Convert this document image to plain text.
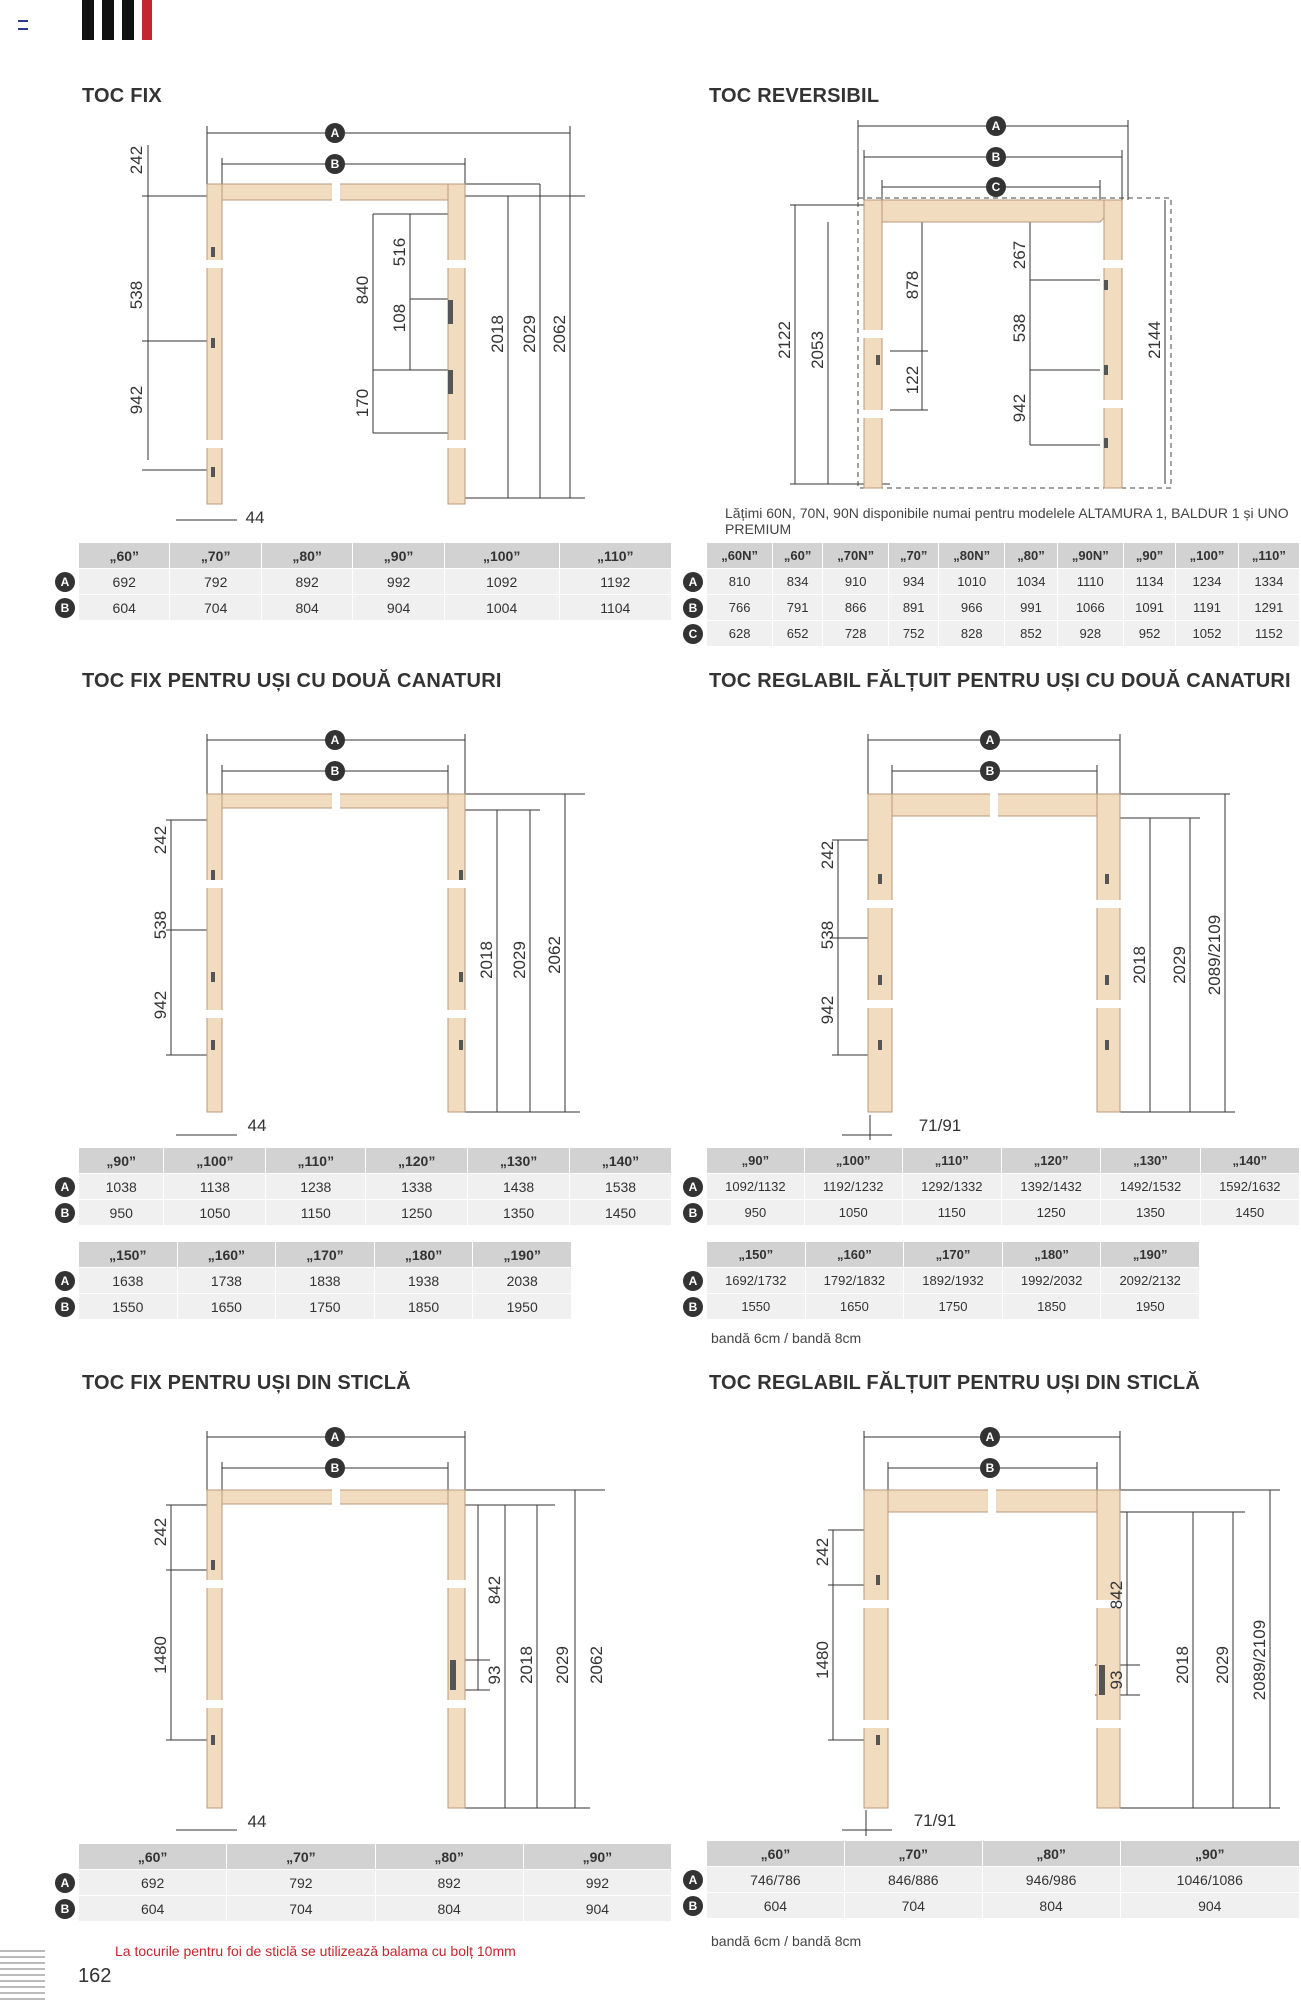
TOC FIX	TOC REVERSIBIL
TOC FIX PENTRU UȘI CU DOUĂ CANATURI	TOC REGLABIL FĂLȚUIT PENTRU UȘI CU DOUĂ CANATURI
TOC FIX PENTRU UȘI DIN STICLĂ	TOC REGLABIL FĂLȚUIT PENTRU UȘI DIN STICLĂ
242
538
942
840
516
108
170
2018 2029 2062
44
A
B
2122 2053
878
122
267
538
942
2144
A
B
C
Lățimi 60N, 70N, 90N disponibile numai pentru modelele ALTAMURA 1, BALDUR 1 și UNO PREMIUM
	„60”	„70”	„80”	„90”	„100”	„110”
A	692	792	892	992	1092	1192
B	604	704	804	904	1004	1104
	„60N”	„60”	„70N”	„70”	„80N”	„80”	„90N”	„90”	„100”	„110”
A	810	834	910	934	1010	1034	1110	1134	1234	1334
B	766	791	866	891	966	991	1066	1091	1191	1291
C	628	652	728	752	828	852	928	952	1052	1152
242
538
942
2018 2029 2062
44
A
B
242
538
942
2018 2029 2089/2109
71/91
A
B
	„90”	„100”	„110”	„120”	„130”	„140”
A	1038	1138	1238	1338	1438	1538
B	950	1050	1150	1250	1350	1450
	„150”	„160”	„170”	„180”	„190”
A	1638	1738	1838	1938	2038
B	1550	1650	1750	1850	1950
	„90”	„100”	„110”	„120”	„130”	„140”
A	1092/1132	1192/1232	1292/1332	1392/1432	1492/1532	1592/1632
B	950	1050	1150	1250	1350	1450
	„150”	„160”	„170”	„180”	„190”
A	1692/1732	1792/1832	1892/1932	1992/2032	2092/2132
B	1550	1650	1750	1850	1950
bandă 6cm / bandă 8cm
242
1480
842
93 2018 2029 2062
44
A
B
242
1480
842
93	2018 2029 2089/2109
71/91
A
B
	„60”	„70”	„80”	„90”
A	692	792	892	992
B	604	704	804	904
La tocurile pentru foi de sticlă se utilizează balama cu bolț 10mm
	„60”	„70”	„80”	„90”
A	746/786	846/886	946/986	1046/1086
B	604	704	804	904
bandă 6cm / bandă 8cm
162
